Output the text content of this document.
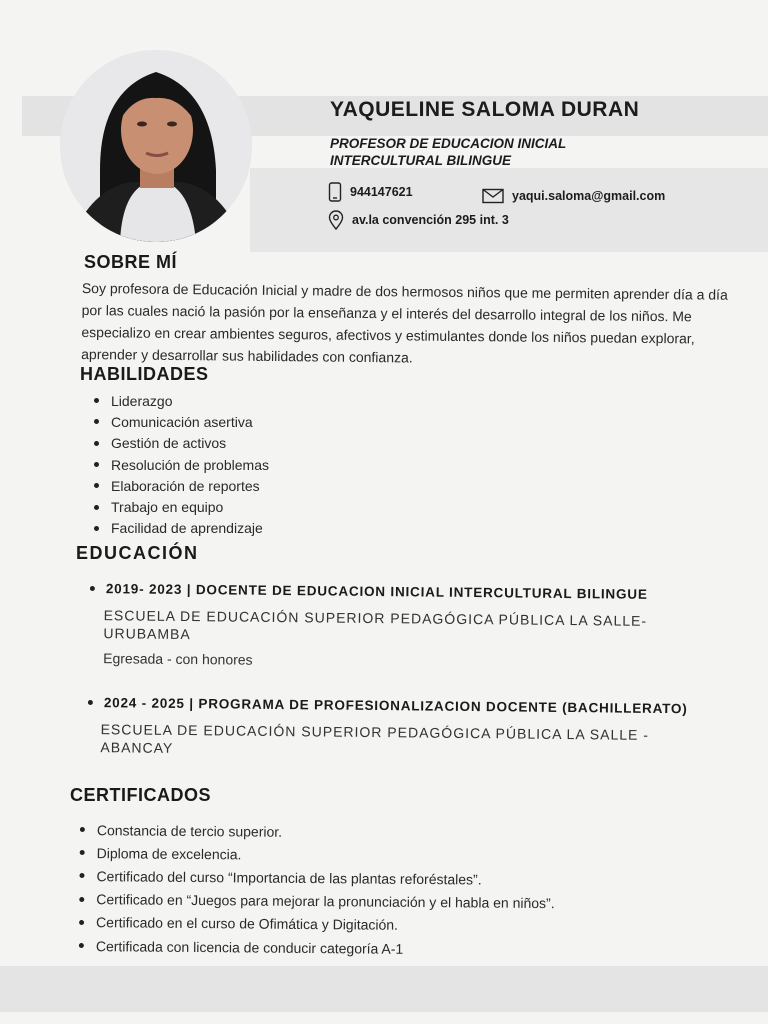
YAQUELINE SALOMA DURAN
PROFESOR DE EDUCACION INICIAL
INTERCULTURAL BILINGUE
944147621	yaqui.saloma@gmail.com
av.la convención 295 int. 3
SOBRE MÍ
Soy profesora de Educación Inicial y madre de dos hermosos niños que me permiten aprender día a día por las cuales nació la pasión por la enseñanza y el interés del desarrollo integral de los niños. Me especializo en crear ambientes seguros, afectivos y estimulantes donde los niños puedan explorar, aprender y desarrollar sus habilidades con confianza.
HABILIDADES
Liderazgo
Comunicación asertiva
Gestión de activos
Resolución de problemas
Elaboración de reportes
Trabajo en equipo
Facilidad de aprendizaje
EDUCACIÓN
2019- 2023 | DOCENTE DE EDUCACION INICIAL INTERCULTURAL BILINGUE
ESCUELA DE EDUCACIÓN SUPERIOR PEDAGÓGICA PÚBLICA LA SALLE- URUBAMBA
Egresada - con honores
2024 - 2025 | PROGRAMA DE PROFESIONALIZACION DOCENTE (BACHILLERATO)
ESCUELA DE EDUCACIÓN SUPERIOR PEDAGÓGICA PÚBLICA LA SALLE - ABANCAY
CERTIFICADOS
Constancia de tercio superior.
Diploma de excelencia.
Certificado del curso “Importancia de las plantas reforéstales”.
Certificado en “Juegos para mejorar la pronunciación y el habla en niños”.
Certificado en el curso de Ofimática y Digitación.
Certificada con licencia de conducir categoría A-1
